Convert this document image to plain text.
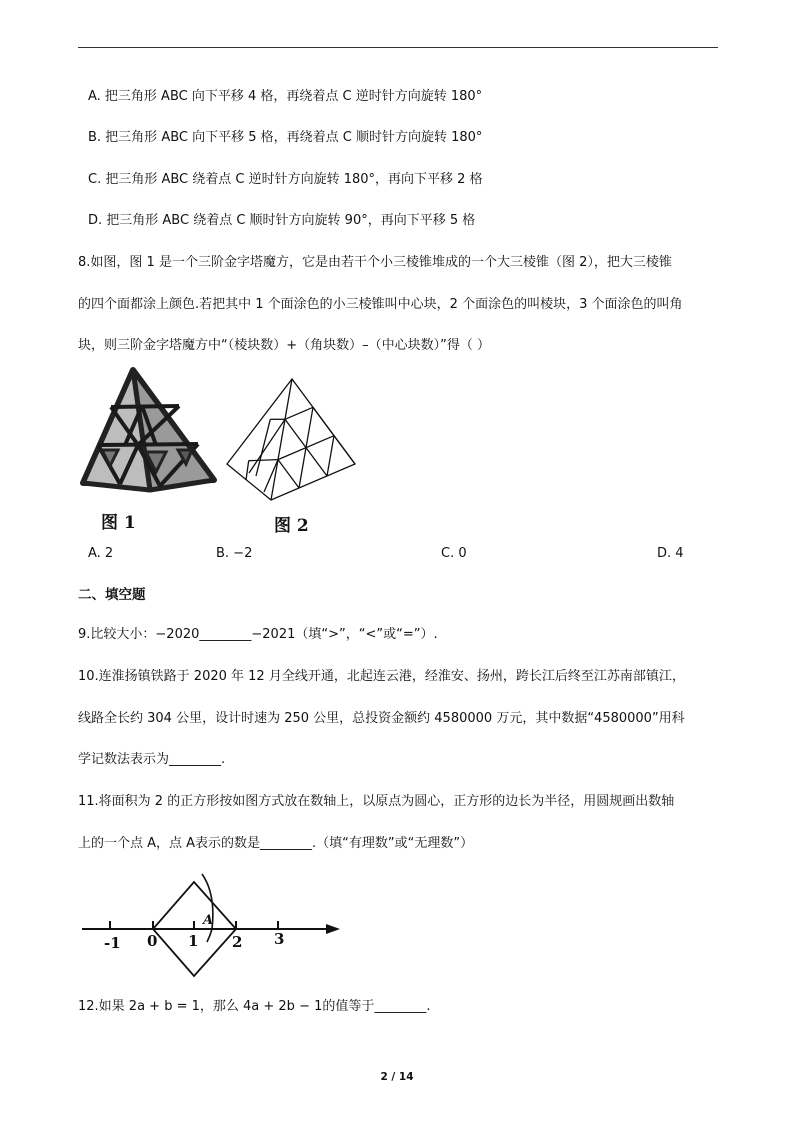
A. 把三角形 ABC 向下平移 4 格，再绕着点 C 逆时针方向旋转 180°
B. 把三角形 ABC 向下平移 5 格，再绕着点 C 顺时针方向旋转 180°
C. 把三角形 ABC 绕着点 C 逆时针方向旋转 180°，再向下平移 2 格
D. 把三角形 ABC 绕着点 C 顺时针方向旋转 90°，再向下平移 5 格
8.如图，图 1 是一个三阶金字塔魔方，它是由若干个小三棱锥堆成的一个大三棱锥（图 2），把大三棱锥
的四个面都涂上颜色.若把其中 1 个面涂色的小三棱锥叫中心块，2 个面涂色的叫棱块，3 个面涂色的叫角
块，则三阶金字塔魔方中“（棱块数）+（角块数）–（中心块数）”得（ ）
图 1	图 2
A. 2	B. −2	C. 0	D. 4
二、填空题
9.比较大小：−2020________−2021（填“>”，“<”或“=”）.
10.连淮扬镇铁路于 2020 年 12 月全线开通，北起连云港，经淮安、扬州，跨长江后终至江苏南部镇江，
线路全长约 304 公里，设计时速为 250 公里，总投资金额约 4580000 万元，其中数据“4580000”用科
学记数法表示为________.
11.将面积为 2 的正方形按如图方式放在数轴上，以原点为圆心，正方形的边长为半径，用圆规画出数轴
上的一个点 A，点 A表示的数是________.（填“有理数”或“无理数”）
-1 0 1 2 3
A
12.如果 2a + b = 1，那么 4a + 2b − 1的值等于________.
2 / 14
